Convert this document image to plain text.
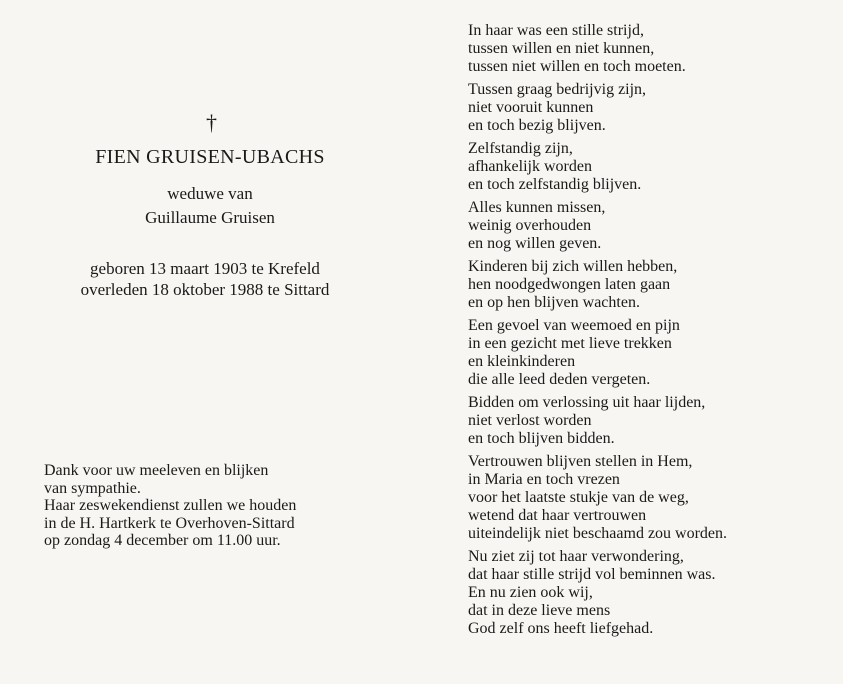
†
FIEN GRUISEN-UBACHS
weduwe van
Guillaume Gruisen
geboren 13 maart 1903 te Krefeld
overleden 18 oktober 1988 te Sittard
Dank voor uw meeleven en blijken
van sympathie.
Haar zeswekendienst zullen we houden
in de H. Hartkerk te Overhoven-Sittard
op zondag 4 december om 11.00 uur.
In haar was een stille strijd,
tussen willen en niet kunnen,
tussen niet willen en toch moeten.
Tussen graag bedrijvig zijn,
niet vooruit kunnen
en toch bezig blijven.
Zelfstandig zijn,
afhankelijk worden
en toch zelfstandig blijven.
Alles kunnen missen,
weinig overhouden
en nog willen geven.
Kinderen bij zich willen hebben,
hen noodgedwongen laten gaan
en op hen blijven wachten.
Een gevoel van weemoed en pijn
in een gezicht met lieve trekken
en kleinkinderen
die alle leed deden vergeten.
Bidden om verlossing uit haar lijden,
niet verlost worden
en toch blijven bidden.
Vertrouwen blijven stellen in Hem,
in Maria en toch vrezen
voor het laatste stukje van de weg,
wetend dat haar vertrouwen
uiteindelijk niet beschaamd zou worden.
Nu ziet zij tot haar verwondering,
dat haar stille strijd vol beminnen was.
En nu zien ook wij,
dat in deze lieve mens
God zelf ons heeft liefgehad.
